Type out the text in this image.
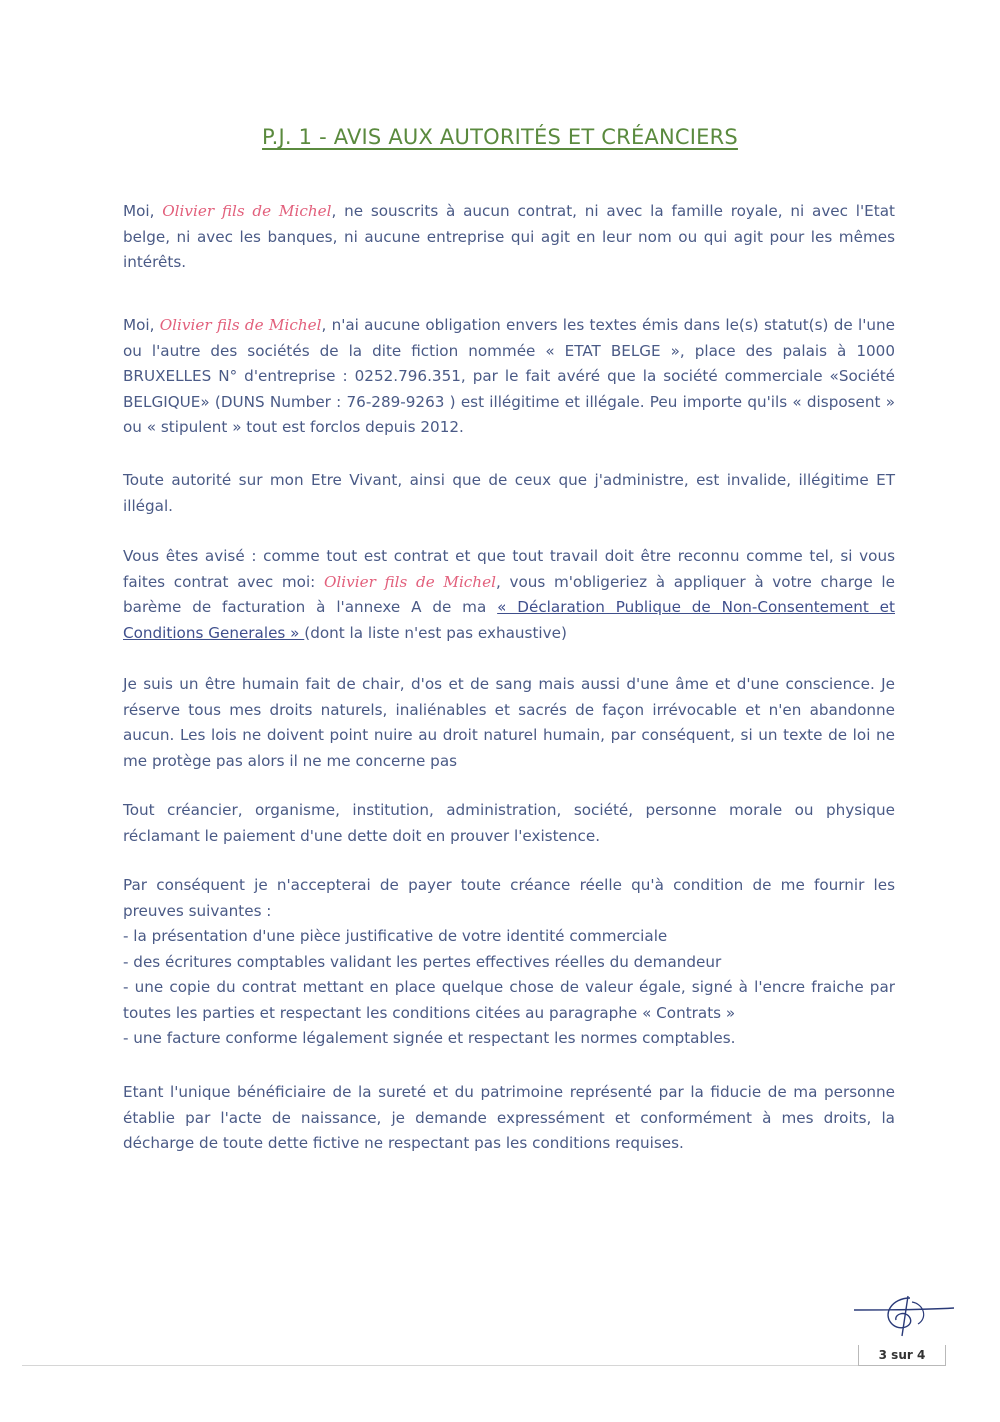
P.J. 1 - AVIS AUX AUTORITÉS ET CRÉANCIERS

Moi, Olivier fils de Michel, ne souscrits à aucun contrat, ni avec la famille royale, ni avec l'Etat belge, ni avec les banques, ni aucune entreprise qui agit en leur nom ou qui agit pour les mêmes intérêts.

Moi, Olivier fils de Michel, n'ai aucune obligation envers les textes émis dans le(s) statut(s) de l'une ou l'autre des sociétés de la dite fiction nommée « ETAT BELGE », place des palais à 1000 BRUXELLES N° d'entreprise : 0252.796.351, par le fait avéré que la société commerciale «Société BELGIQUE» (DUNS Number : 76-289-9263 ) est illégitime et illégale. Peu importe qu'ils « disposent » ou « stipulent » tout est forclos depuis 2012.

Toute autorité sur mon Etre Vivant, ainsi que de ceux que j'administre, est invalide, illégitime ET illégal.

Vous êtes avisé : comme tout est contrat et que tout travail doit être reconnu comme tel, si vous faites contrat avec moi: Olivier fils de Michel, vous m'obligeriez à appliquer à votre charge le barème de facturation à l'annexe A de ma « Déclaration Publique de Non-Consentement et Conditions Generales » (dont la liste n'est pas exhaustive)

Je suis un être humain fait de chair, d'os et de sang mais aussi d'une âme et d'une conscience. Je réserve tous mes droits naturels, inaliénables et sacrés de façon irrévocable et n'en abandonne aucun. Les lois ne doivent point nuire au droit naturel humain, par conséquent, si un texte de loi ne me protège pas alors il ne me concerne pas

Tout créancier, organisme, institution, administration, société, personne morale ou physique réclamant le paiement d'une dette doit en prouver l'existence.

Par conséquent je n'accepterai de payer toute créance réelle qu'à condition de me fournir les preuves suivantes :
- la présentation d'une pièce justificative de votre identité commerciale
- des écritures comptables validant les pertes effectives réelles du demandeur
- une copie du contrat mettant en place quelque chose de valeur égale, signé à l'encre fraiche par toutes les parties et respectant les conditions citées au paragraphe « Contrats »
- une facture conforme légalement signée et respectant les normes comptables.

Etant l'unique bénéficiaire de la sureté et du patrimoine représenté par la fiducie de ma personne établie par l'acte de naissance, je demande expressément et conformément à mes droits, la décharge de toute dette fictive ne respectant pas les conditions requises.

3 sur 4
